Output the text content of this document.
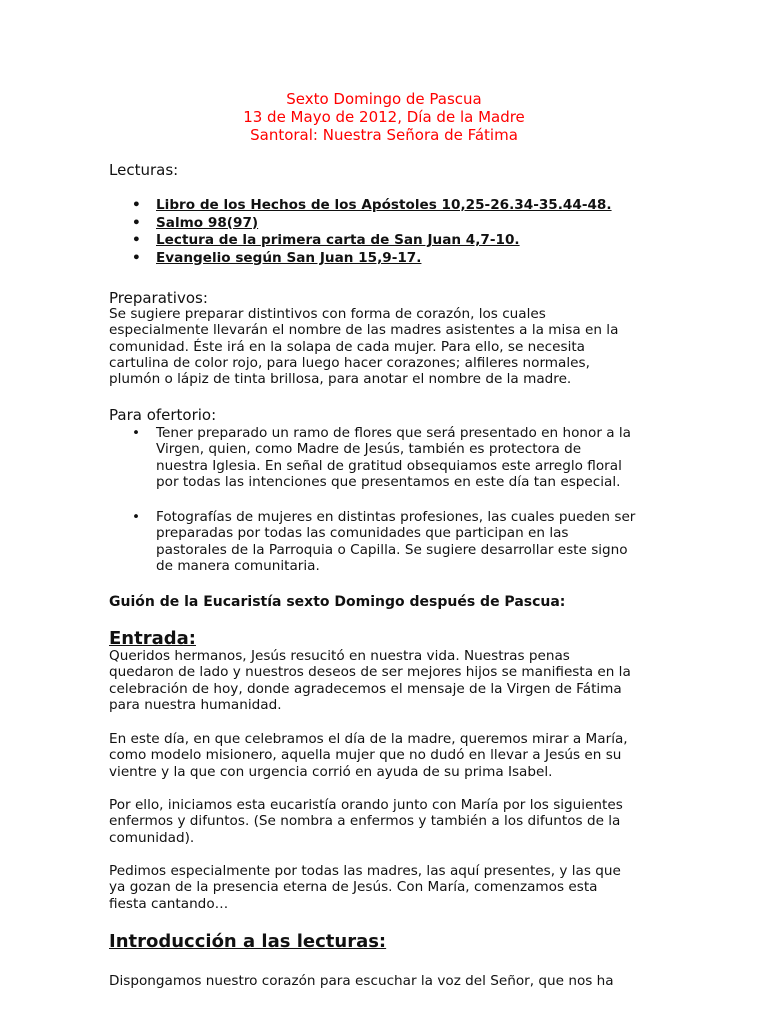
Sexto Domingo de Pascua
13 de Mayo de 2012, Día de la Madre
Santoral: Nuestra Señora de Fátima
Lecturas:
• Libro de los Hechos de los Apóstoles 10,25-26.34-35.44-48.
• Salmo 98(97)
• Lectura de la primera carta de San Juan 4,7-10.
• Evangelio según San Juan 15,9-17.
Preparativos:
Se sugiere preparar distintivos con forma de corazón, los cuales
especialmente llevarán el nombre de las madres asistentes a la misa en la
comunidad. Éste irá en la solapa de cada mujer. Para ello, se necesita
cartulina de color rojo, para luego hacer corazones; alfileres normales,
plumón o lápiz de tinta brillosa, para anotar el nombre de la madre.
Para ofertorio:
• Tener preparado un ramo de flores que será presentado en honor a la
Virgen, quien, como Madre de Jesús, también es protectora de
nuestra Iglesia. En señal de gratitud obsequiamos este arreglo floral
por todas las intenciones que presentamos en este día tan especial.
• Fotografías de mujeres en distintas profesiones, las cuales pueden ser
preparadas por todas las comunidades que participan en las
pastorales de la Parroquia o Capilla. Se sugiere desarrollar este signo
de manera comunitaria.
Guión de la Eucaristía sexto Domingo después de Pascua:
Entrada:
Queridos hermanos, Jesús resucitó en nuestra vida. Nuestras penas
quedaron de lado y nuestros deseos de ser mejores hijos se manifiesta en la
celebración de hoy, donde agradecemos el mensaje de la Virgen de Fátima
para nuestra humanidad.
En este día, en que celebramos el día de la madre, queremos mirar a María,
como modelo misionero, aquella mujer que no dudó en llevar a Jesús en su
vientre y la que con urgencia corrió en ayuda de su prima Isabel.
Por ello, iniciamos esta eucaristía orando junto con María por los siguientes
enfermos y difuntos. (Se nombra a enfermos y también a los difuntos de la
comunidad).
Pedimos especialmente por todas las madres, las aquí presentes, y las que
ya gozan de la presencia eterna de Jesús. Con María, comenzamos esta
fiesta cantando…
Introducción a las lecturas:
Dispongamos nuestro corazón para escuchar la voz del Señor, que nos ha
